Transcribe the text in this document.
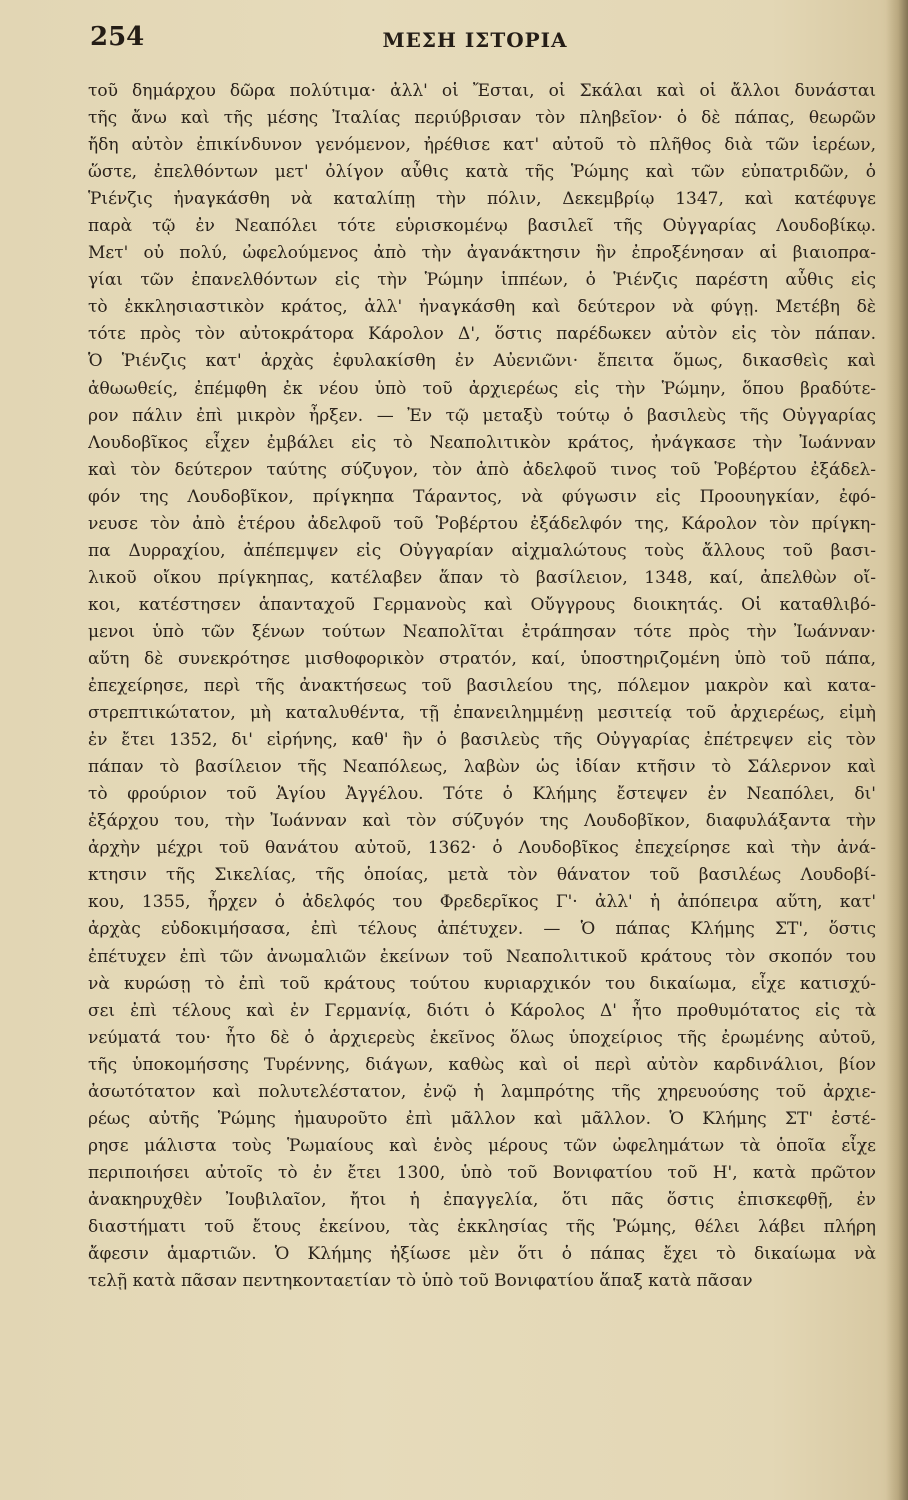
254	ΜΕΣΗ ΙΣΤΟΡΙΑ
τοῦ δημάρχου δῶρα πολύτιμα· ἀλλ' οἱ Ἔσται, οἱ Σκάλαι καὶ οἱ ἄλλοι δυνάσται
τῆς ἄνω καὶ τῆς μέσης Ἰταλίας περιύβρισαν τὸν πληβεῖον· ὁ δὲ πάπας, θεωρῶν
ἤδη αὐτὸν ἐπικίνδυνον γενόμενον, ἠρέθισε κατ' αὐτοῦ τὸ πλῆθος διὰ τῶν ἱερέων,
ὥστε, ἐπελθόντων μετ' ὀλίγον αὖθις κατὰ τῆς Ῥώμης καὶ τῶν εὐπατριδῶν, ὁ
Ῥιένζις ἠναγκάσθη νὰ καταλίπῃ τὴν πόλιν, Δεκεμβρίῳ 1347, καὶ κατέφυγε
παρὰ τῷ ἐν Νεαπόλει τότε εὑρισκομένῳ βασιλεῖ τῆς Οὐγγαρίας Λουδοβίκῳ.
Μετ' οὐ πολύ, ὠφελούμενος ἀπὸ τὴν ἀγανάκτησιν ἣν ἐπροξένησαν αἱ βιαιοπρα-
γίαι τῶν ἐπανελθόντων εἰς τὴν Ῥώμην ἱππέων, ὁ Ῥιένζις παρέστη αὖθις εἰς
τὸ ἐκκλησιαστικὸν κράτος, ἀλλ' ἠναγκάσθη καὶ δεύτερον νὰ φύγῃ. Μετέβη δὲ
τότε πρὸς τὸν αὐτοκράτορα Κάρολον Δ', ὅστις παρέδωκεν αὐτὸν εἰς τὸν πάπαν.
Ὁ Ῥιένζις κατ' ἀρχὰς ἐφυλακίσθη ἐν Αὐενιῶνι· ἔπειτα ὅμως, δικασθεὶς καὶ
ἀθωωθείς, ἐπέμφθη ἐκ νέου ὑπὸ τοῦ ἀρχιερέως εἰς τὴν Ῥώμην, ὅπου βραδύτε-
ρον πάλιν ἐπὶ μικρὸν ἦρξεν. — Ἐν τῷ μεταξὺ τούτῳ ὁ βασιλεὺς τῆς Οὐγγαρίας
Λουδοβῖκος εἶχεν ἐμβάλει εἰς τὸ Νεαπολιτικὸν κράτος, ἠνάγκασε τὴν Ἰωάνναν
καὶ τὸν δεύτερον ταύτης σύζυγον, τὸν ἀπὸ ἀδελφοῦ τινος τοῦ Ῥοβέρτου ἐξάδελ-
φόν της Λουδοβῖκον, πρίγκηπα Τάραντος, νὰ φύγωσιν εἰς Προουηγκίαν, ἐφό-
νευσε τὸν ἀπὸ ἑτέρου ἀδελφοῦ τοῦ Ῥοβέρτου ἐξάδελφόν της, Κάρολον τὸν πρίγκη-
πα Δυρραχίου, ἀπέπεμψεν εἰς Οὐγγαρίαν αἰχμαλώτους τοὺς ἄλλους τοῦ βασι-
λικοῦ οἴκου πρίγκηπας, κατέλαβεν ἅπαν τὸ βασίλειον, 1348, καί, ἀπελθὼν οἴ-
κοι, κατέστησεν ἁπανταχοῦ Γερμανοὺς καὶ Οὔγγρους διοικητάς. Οἱ καταθλιβό-
μενοι ὑπὸ τῶν ξένων τούτων Νεαπολῖται ἐτράπησαν τότε πρὸς τὴν Ἰωάνναν·
αὕτη δὲ συνεκρότησε μισθοφορικὸν στρατόν, καί, ὑποστηριζομένη ὑπὸ τοῦ πάπα,
ἐπεχείρησε, περὶ τῆς ἀνακτήσεως τοῦ βασιλείου της, πόλεμον μακρὸν καὶ κατα-
στρεπτικώτατον, μὴ καταλυθέντα, τῇ ἐπανειλημμένῃ μεσιτείᾳ τοῦ ἀρχιερέως, εἰμὴ
ἐν ἔτει 1352, δι' εἰρήνης, καθ' ἣν ὁ βασιλεὺς τῆς Οὐγγαρίας ἐπέτρεψεν εἰς τὸν
πάπαν τὸ βασίλειον τῆς Νεαπόλεως, λαβὼν ὡς ἰδίαν κτῆσιν τὸ Σάλερνον καὶ
τὸ φρούριον τοῦ Ἁγίου Ἀγγέλου. Τότε ὁ Κλήμης ἔστεψεν ἐν Νεαπόλει, δι'
ἐξάρχου του, τὴν Ἰωάνναν καὶ τὸν σύζυγόν της Λουδοβῖκον, διαφυλάξαντα τὴν
ἀρχὴν μέχρι τοῦ θανάτου αὐτοῦ, 1362· ὁ Λουδοβῖκος ἐπεχείρησε καὶ τὴν ἀνά-
κτησιν τῆς Σικελίας, τῆς ὁποίας, μετὰ τὸν θάνατον τοῦ βασιλέως Λουδοβί-
κου, 1355, ἦρχεν ὁ ἀδελφός του Φρεδερῖκος Γ'· ἀλλ' ἡ ἀπόπειρα αὕτη, κατ'
ἀρχὰς εὐδοκιμήσασα, ἐπὶ τέλους ἀπέτυχεν. — Ὁ πάπας Κλήμης ΣΤ', ὅστις
ἐπέτυχεν ἐπὶ τῶν ἀνωμαλιῶν ἐκείνων τοῦ Νεαπολιτικοῦ κράτους τὸν σκοπόν του
νὰ κυρώσῃ τὸ ἐπὶ τοῦ κράτους τούτου κυριαρχικόν του δικαίωμα, εἶχε κατισχύ-
σει ἐπὶ τέλους καὶ ἐν Γερμανίᾳ, διότι ὁ Κάρολος Δ' ἦτο προθυμότατος εἰς τὰ
νεύματά του· ἦτο δὲ ὁ ἀρχιερεὺς ἐκεῖνος ὅλως ὑποχείριος τῆς ἐρωμένης αὐτοῦ,
τῆς ὑποκομήσσης Τυρέννης, διάγων, καθὼς καὶ οἱ περὶ αὐτὸν καρδινάλιοι, βίον
ἀσωτότατον καὶ πολυτελέστατον, ἐνῷ ἡ λαμπρότης τῆς χηρευούσης τοῦ ἀρχιε-
ρέως αὐτῆς Ῥώμης ἠμαυροῦτο ἐπὶ μᾶλλον καὶ μᾶλλον. Ὁ Κλήμης ΣΤ' ἐστέ-
ρησε μάλιστα τοὺς Ῥωμαίους καὶ ἑνὸς μέρους τῶν ὠφελημάτων τὰ ὁποῖα εἶχε
περιποιήσει αὐτοῖς τὸ ἐν ἔτει 1300, ὑπὸ τοῦ Βονιφατίου τοῦ Η', κατὰ πρῶτον
ἀνακηρυχθὲν Ἰουβιλαῖον, ἤτοι ἡ ἐπαγγελία, ὅτι πᾶς ὅστις ἐπισκεφθῇ, ἐν
διαστήματι τοῦ ἔτους ἐκείνου, τὰς ἐκκλησίας τῆς Ῥώμης, θέλει λάβει πλήρη
ἄφεσιν ἁμαρτιῶν. Ὁ Κλήμης ἠξίωσε μὲν ὅτι ὁ πάπας ἔχει τὸ δικαίωμα νὰ
τελῇ κατὰ πᾶσαν πεντηκονταετίαν τὸ ὑπὸ τοῦ Βονιφατίου ἅπαξ κατὰ πᾶσαν
